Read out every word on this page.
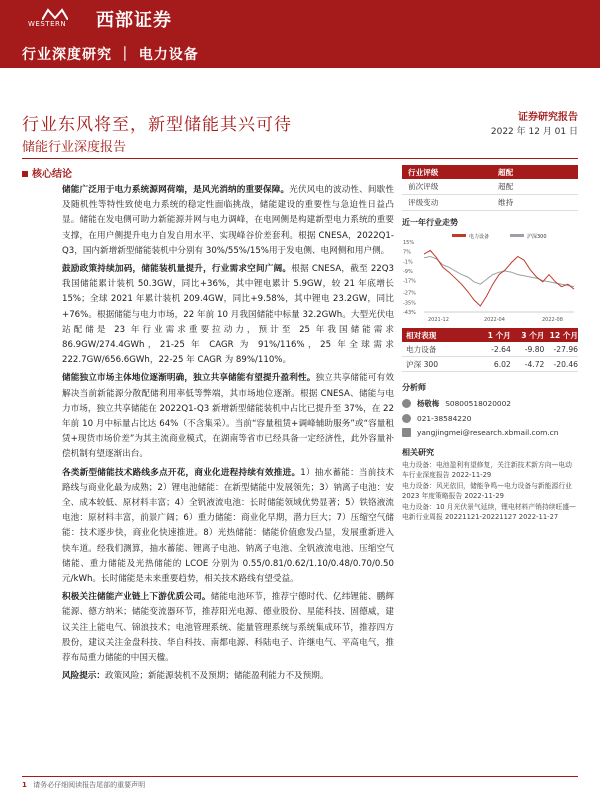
WESTERN 西部证券
行业深度研究 ｜ 电力设备
行业东风将至，新型储能其兴可待
储能行业深度报告
证券研究报告
2022 年 12 月 01 日
核心结论

储能广泛用于电力系统源网荷端，是风光消纳的重要保障。光伏风电的波动性、间歇性及随机性等特性致使电力系统的稳定性面临挑战，储能建设的重要性与急迫性日益凸显。储能在发电侧可助力新能源并网与电力调峰，在电网侧是构建新型电力系统的重要支撑，在用户侧提升电力自发自用水平、实现峰谷价差套利。根据 CNESA，2022Q1-Q3，国内新增新型储能装机中分别有 30%/55%/15%用于发电侧、电网侧和用户侧。

鼓励政策持续加码，储能装机量提升，行业需求空间广阔。根据 CNESA，截至 22Q3 我国储能累计装机 50.3GW，同比+36%，其中锂电累计 5.9GW，较 21 年底增长 15%；全球 2021 年累计装机 209.4GW，同比+9.58%，其中锂电 23.2GW，同比+76%。根据储能与电力市场，22 年前 10 月我国储能中标量 32.2GWh。大型光伏电站配储是 23 年行业需求重要拉动力，预计至 25 年我国储能需求 86.9GW/274.4GWh，21-25 年 CAGR 为 91%/116%，25 年全球需求 222.7GW/656.6GWh，22-25 年 CAGR 为 89%/110%。

储能独立市场主体地位逐渐明确，独立共享储能有望提升盈利性。独立共享储能可有效解决当前新能源分散配储利用率低等弊端，其市场地位逐渐。根据 CNESA、储能与电力市场，独立共享储能在 2022Q1-Q3 新增新型储能装机中占比已提升至 37%，在 22 年前 10 月中标量占比达 64%（不含集采）。当前“容量租赁+调峰辅助服务”或“容量租赁+现货市场价差”为其主流商业模式，在湖南等省市已经具备一定经济性，此外容量补偿机制有望逐渐出台。

各类新型储能技术路线多点开花，商业化进程持续有效推进。1）抽水蓄能：当前技术路线与商业化最为成熟；2）锂电池储能：在新型储能中发展领先；3）钠离子电池：安全、成本较低、原材料丰富；4）全钒液流电池：长时储能领域优势显著；5）铁铬液流电池：原材料丰富，前景广阔；6）重力储能：商业化早期，潜力巨大；7）压缩空气储能：技术逐步快，商业化快速推进。8）光热储能：储能价值愈发凸显，发展重新进入快车道。经我们测算，抽水蓄能、锂离子电池、钠离子电池、全钒液流电池、压缩空气储能、重力储能及光热储能的 LCOE 分别为 0.55/0.81/0.62/1.10/0.48/0.70/0.50 元/kWh。长时储能是未来重要趋势，相关技术路线有望受益。

积极关注储能产业链上下游优质公司。储能电池环节，推荐宁德时代、亿纬锂能、鹏辉能源、德方纳米；储能变流器环节，推荐阳光电源、德业股份、星能科技、固德威，建议关注上能电气、锦浪技术；电池管理系统、能量管理系统与系统集成环节，推荐四方股份，建议关注金盘科技、华自科技、南都电源、科陆电子、许继电气、平高电气，推荐布局重力储能的中国天楹。

风险提示：政策风险；新能源装机不及预期；储能盈利能力不及预期。

行业评级	超配
前次评级	超配
评级变动	维持
近一年行业走势
电力设备	沪深300
15%
7%
-1%
-9%
-17%
-27%
-35%
-43%
2021-12	2022-04	2022-08
相对表现	1 个月	3 个月 12 个月
电力设备	-2.64	-9.80	-27.96
沪深 300	6.02	-4.72	-20.46
分析师
杨敬梅 S0800518020002
021-38584220
yangjingmei@research.xbmail.com.cn
相关研究
电力设备：电池盈利有望修复，关注新技术新方向—电动车行业深度报告 2022-11-29
电力设备：风光依旧，储能争鸣—电力设备与新能源行业 2023 年度策略报告 2022-11-29
电力设备：10 月光伏景气延续，锂电材料产销持续旺盛—电新行业周报 20221121-20221127 2022-11-27
1 请务必仔细阅读报告尾部的重要声明
